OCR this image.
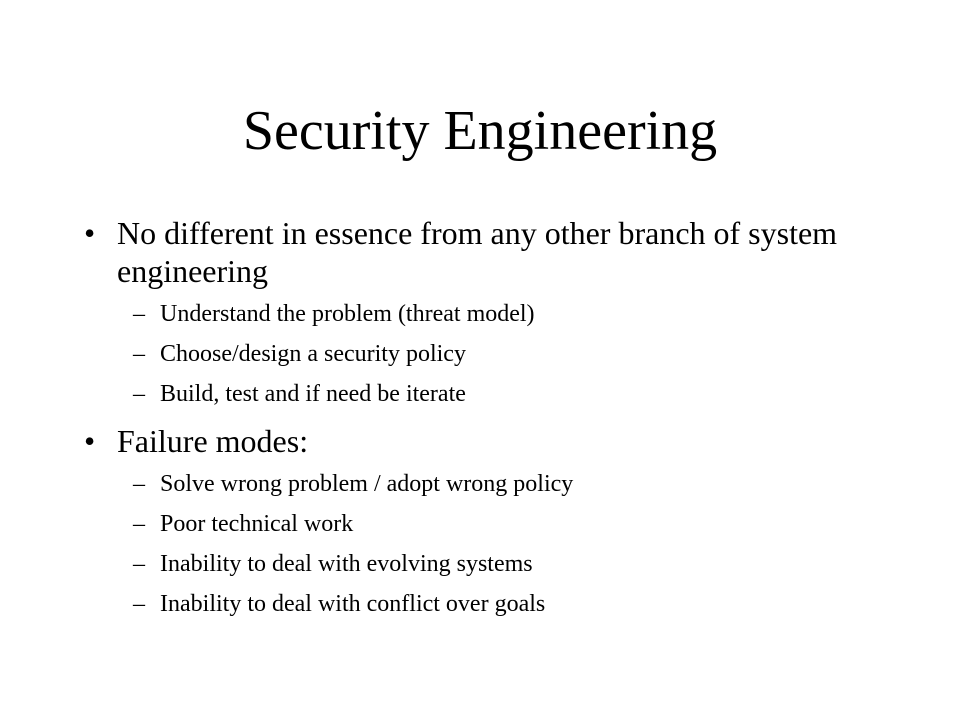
Security Engineering
• No different in essence from any other branch of system engineering
– Understand the problem (threat model)
– Choose/design a security policy
– Build, test and if need be iterate
• Failure modes:
– Solve wrong problem / adopt wrong policy
– Poor technical work
– Inability to deal with evolving systems
– Inability to deal with conflict over goals
